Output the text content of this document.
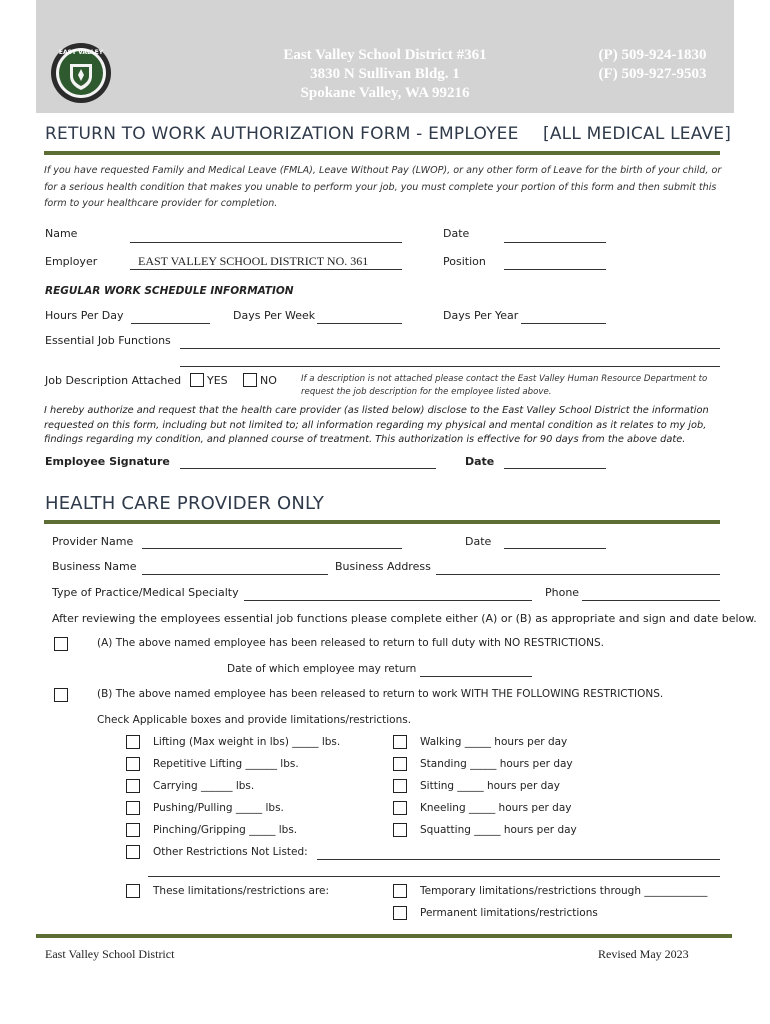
EAST VALLEY	East Valley School District #361
3830 N Sullivan Bldg. 1
Spokane Valley, WA 99216
(P) 509-924-1830
(F) 509-927-9503
RETURN TO WORK AUTHORIZATION FORM - EMPLOYEE [ALL MEDICAL LEAVE]
If you have requested Family and Medical Leave (FMLA), Leave Without Pay (LWOP), or any other form of Leave for the birth of your child, or for a serious health condition that makes you unable to perform your job, you must complete your portion of this form and then submit this form to your healthcare provider for completion.
Name	Date
Employer	EAST VALLEY SCHOOL DISTRICT NO. 361	Position
REGULAR WORK SCHEDULE INFORMATION
Hours Per Day	Days Per Week	Days Per Year
Essential Job Functions
Job Description Attached YES	NO	If a description is not attached please contact the East Valley Human Resource Department to request the job description for the employee listed above.
I hereby authorize and request that the health care provider (as listed below) disclose to the East Valley School District the information requested on this form, including but not limited to; all information regarding my physical and mental condition as it relates to my job, findings regarding my condition, and planned course of treatment. This authorization is effective for 90 days from the above date.
Employee Signature	Date
HEALTH CARE PROVIDER ONLY
Provider Name	Date
Business Name	Business Address
Type of Practice/Medical Specialty	Phone
After reviewing the employees essential job functions please complete either (A) or (B) as appropriate and sign and date below.
(A) The above named employee has been released to return to full duty with NO RESTRICTIONS.
Date of which employee may return
(B) The above named employee has been released to return to work WITH THE FOLLOWING RESTRICTIONS.
Check Applicable boxes and provide limitations/restrictions.
Lifting (Max weight in lbs) _____ lbs.
Repetitive Lifting ______ lbs.
Carrying ______ lbs.
Pushing/Pulling _____ lbs.
Pinching/Gripping _____ lbs.
Walking _____ hours per day
Standing _____ hours per day
Sitting _____ hours per day
Kneeling _____ hours per day
Squatting _____ hours per day
Other Restrictions Not Listed:
These limitations/restrictions are:	Temporary limitations/restrictions through ____________
Permanent limitations/restrictions
East Valley School District	Revised May 2023
